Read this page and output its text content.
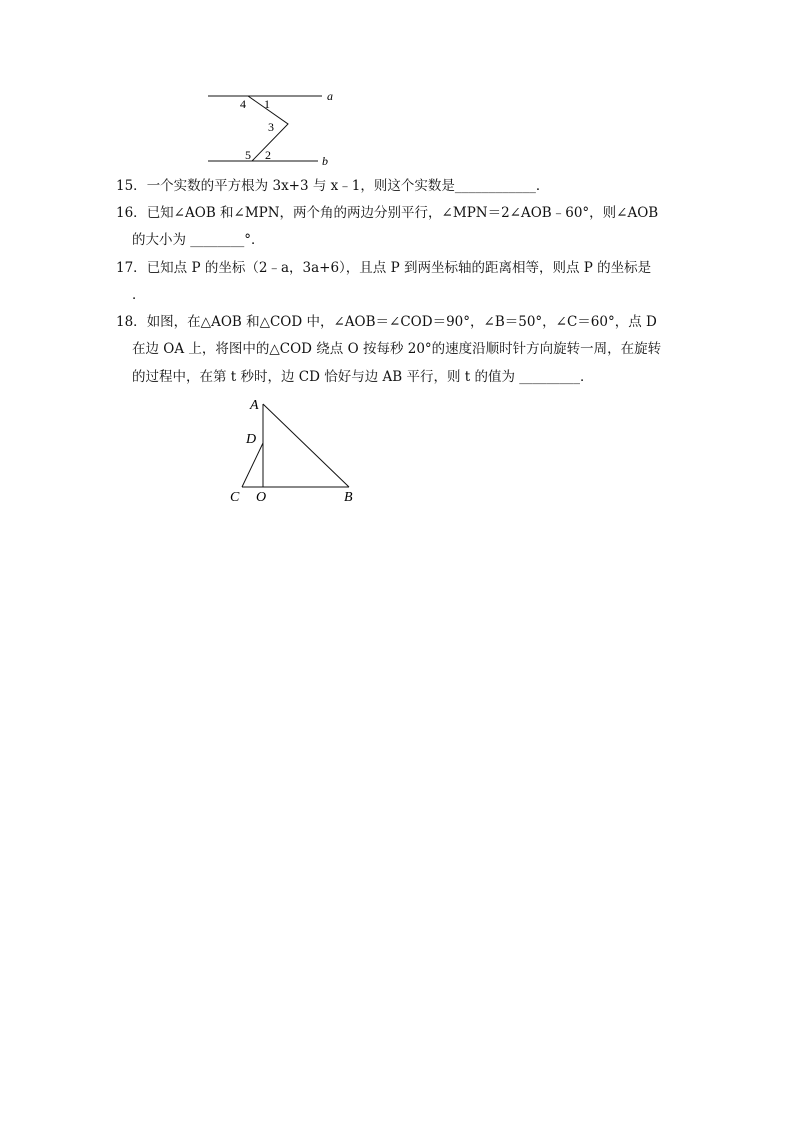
a
b
4 1
3
5 2
15．一个实数的平方根为 3x+3 与 x﹣1，则这个实数是____________．
16．已知∠AOB 和∠MPN，两个角的两边分别平行，∠MPN＝2∠AOB﹣60°，则∠AOB
的大小为 ________°．
17．已知点 P 的坐标（2﹣a，3a+6），且点 P 到两坐标轴的距离相等，则点 P 的坐标是
．
18．如图，在△AOB 和△COD 中，∠AOB＝∠COD＝90°，∠B＝50°，∠C＝60°，点 D
在边 OA 上，将图中的△COD 绕点 O 按每秒 20°的速度沿顺时针方向旋转一周，在旋转
的过程中，在第 t 秒时，边 CD 恰好与边 AB 平行，则 t 的值为 _________．
A
D
C O	B
